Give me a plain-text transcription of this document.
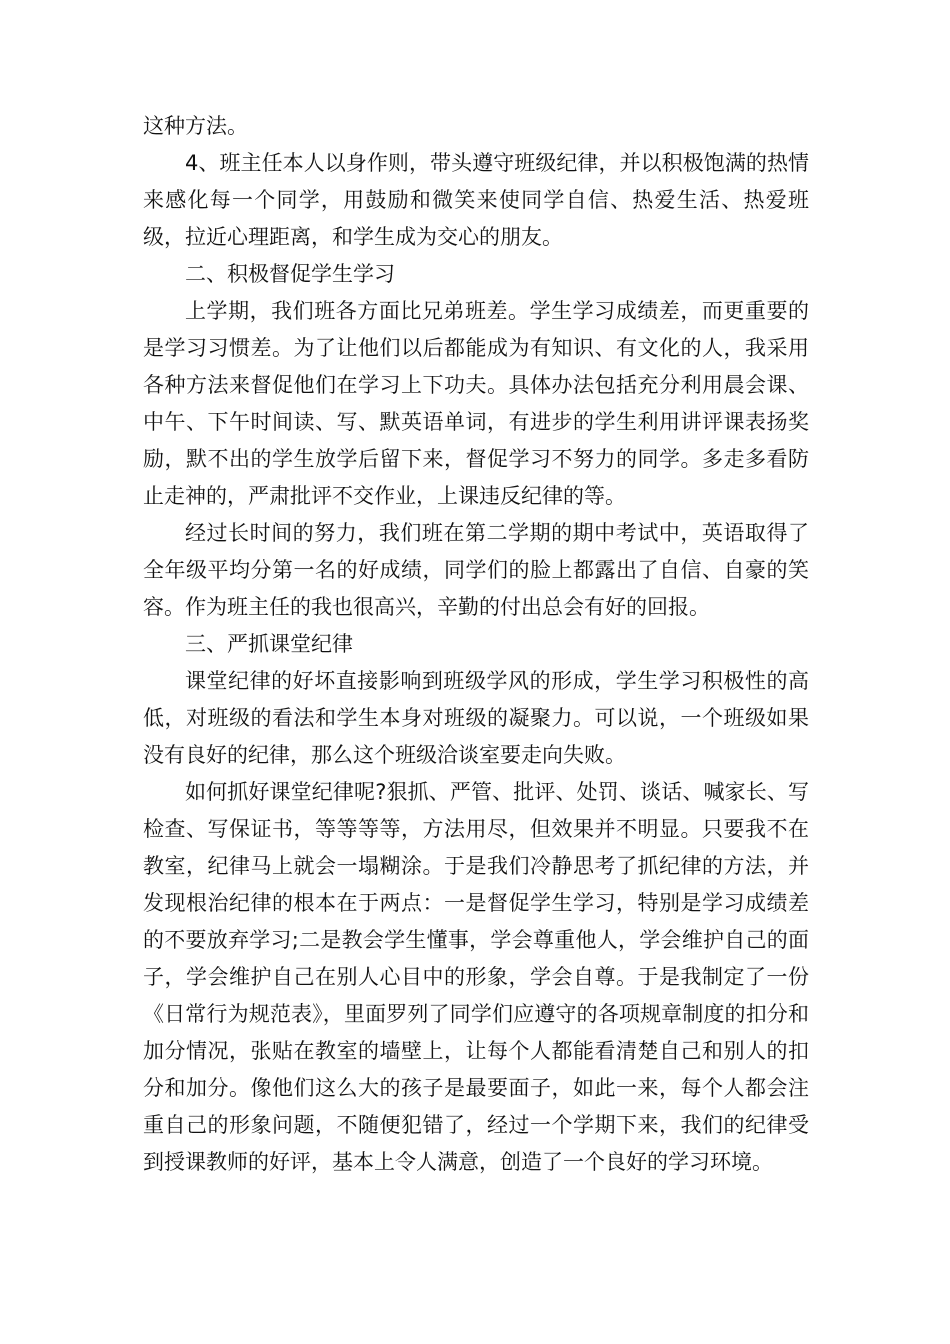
这种方法。

4、班主任本人以身作则，带头遵守班级纪律，并以积极饱满的热情来感化每一个同学，用鼓励和微笑来使同学自信、热爱生活、热爱班级，拉近心理距离，和学生成为交心的朋友。

二、积极督促学生学习

上学期，我们班各方面比兄弟班差。学生学习成绩差，而更重要的是学习习惯差。为了让他们以后都能成为有知识、有文化的人，我采用各种方法来督促他们在学习上下功夫。具体办法包括充分利用晨会课、中午、下午时间读、写、默英语单词，有进步的学生利用讲评课表扬奖励，默不出的学生放学后留下来，督促学习不努力的同学。多走多看防止走神的，严肃批评不交作业，上课违反纪律的等。

经过长时间的努力，我们班在第二学期的期中考试中，英语取得了全年级平均分第一名的好成绩，同学们的脸上都露出了自信、自豪的笑容。作为班主任的我也很高兴，辛勤的付出总会有好的回报。

三、严抓课堂纪律

课堂纪律的好坏直接影响到班级学风的形成，学生学习积极性的高低，对班级的看法和学生本身对班级的凝聚力。可以说，一个班级如果没有良好的纪律，那么这个班级洽谈室要走向失败。

如何抓好课堂纪律呢?狠抓、严管、批评、处罚、谈话、喊家长、写检查、写保证书，等等等等，方法用尽，但效果并不明显。只要我不在教室，纪律马上就会一塌糊涂。于是我们冷静思考了抓纪律的方法，并发现根治纪律的根本在于两点：一是督促学生学习，特别是学习成绩差的不要放弃学习;二是教会学生懂事，学会尊重他人，学会维护自己的面子，学会维护自己在别人心目中的形象，学会自尊。于是我制定了一份《日常行为规范表》，里面罗列了同学们应遵守的各项规章制度的扣分和加分情况，张贴在教室的墙壁上，让每个人都能看清楚自己和别人的扣分和加分。像他们这么大的孩子是最要面子，如此一来，每个人都会注重自己的形象问题，不随便犯错了，经过一个学期下来，我们的纪律受到授课教师的好评，基本上令人满意，创造了一个良好的学习环境。
